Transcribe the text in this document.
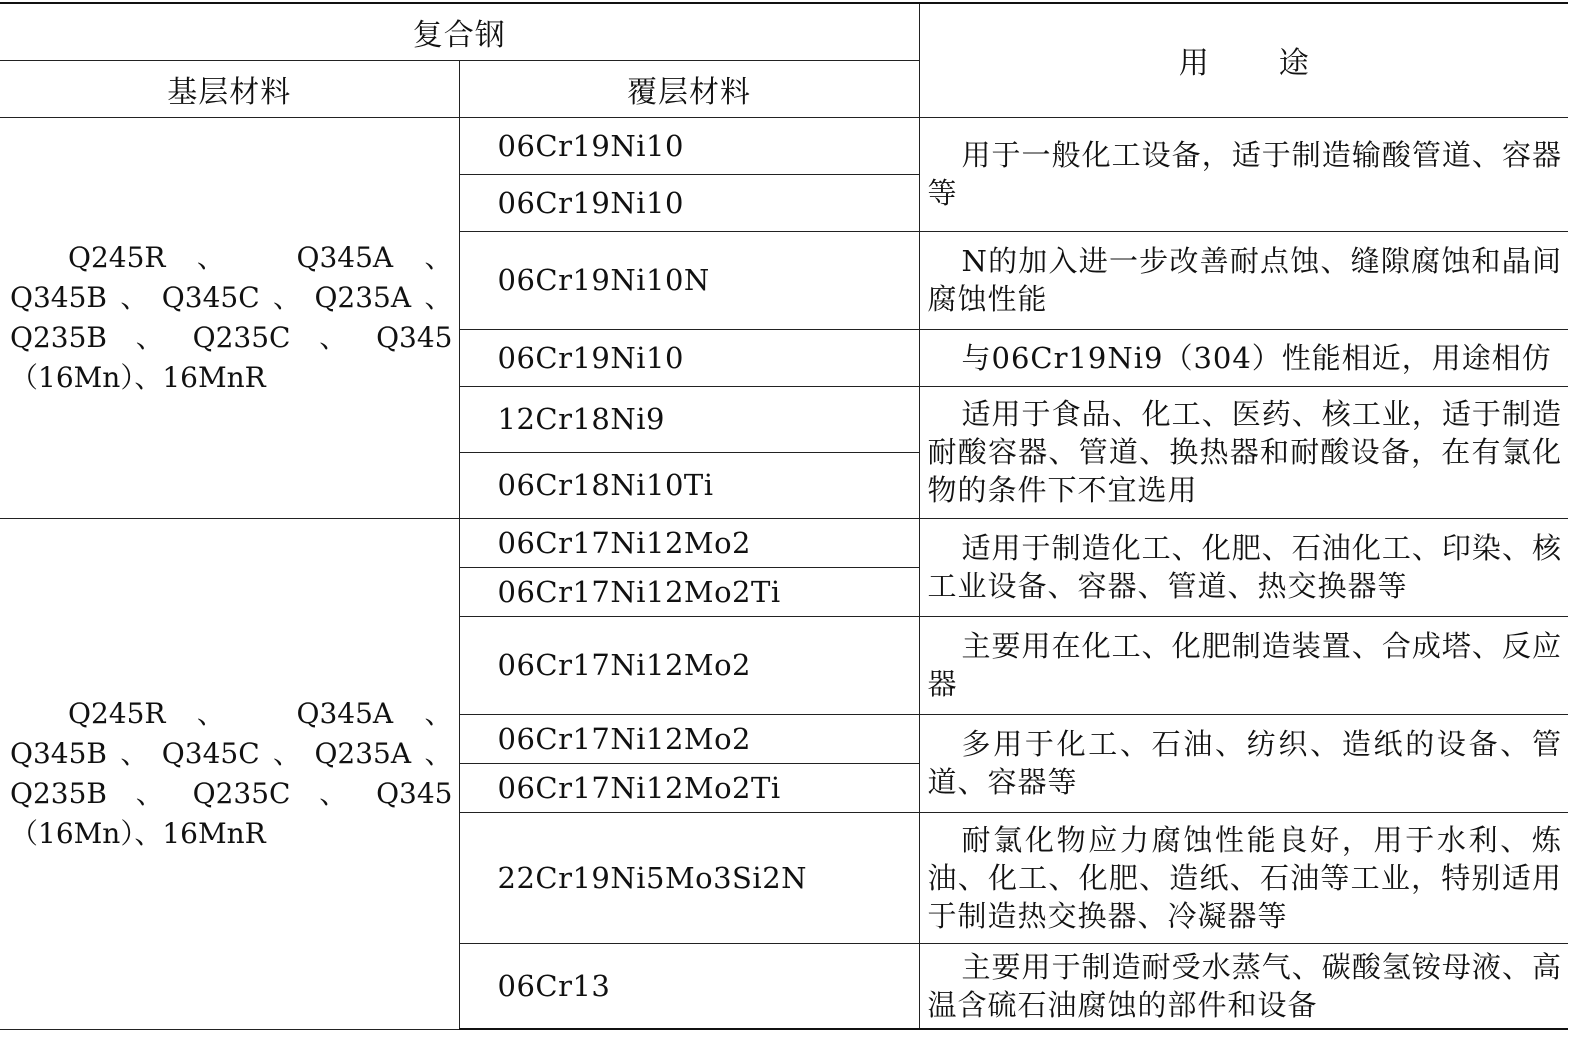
复合钢		用 途
基层材料	覆层材料	
Q245R、 Q345A、 Q345B、Q345C、Q235A、Q235B、Q235C、Q345（16Mn）、16MnR	06Cr19Ni10	用于一般化工设备，适于制造输酸管道、容器等
	06Cr19Ni10	
	06Cr19Ni10N	N的加入进一步改善耐点蚀、缝隙腐蚀和晶间腐蚀性能
	06Cr19Ni10	与06Cr19Ni9（304）性能相近，用途相仿
	12Cr18Ni9	适用于食品、化工、医药、核工业，适于制造耐酸容器、管道、换热器和耐酸设备，在有氯化物的条件下不宜选用
	06Cr18Ni10Ti	
Q245R、 Q345A、 Q345B、Q345C、Q235A、Q235B、Q235C、Q345（16Mn）、16MnR	06Cr17Ni12Mo2	适用于制造化工、化肥、石油化工、印染、核工业设备、容器、管道、热交换器等
	06Cr17Ni12Mo2Ti	
	06Cr17Ni12Mo2	主要用在化工、化肥制造装置、合成塔、反应器
	06Cr17Ni12Mo2	多用于化工、石油、纺织、造纸的设备、管道、容器等
	06Cr17Ni12Mo2Ti	
	22Cr19Ni5Mo3Si2N	耐氯化物应力腐蚀性能良好，用于水利、炼油、化工、化肥、造纸、石油等工业，特别适用于制造热交换器、冷凝器等
	06Cr13	主要用于制造耐受水蒸气、碳酸氢铵母液、高温含硫石油腐蚀的部件和设备
